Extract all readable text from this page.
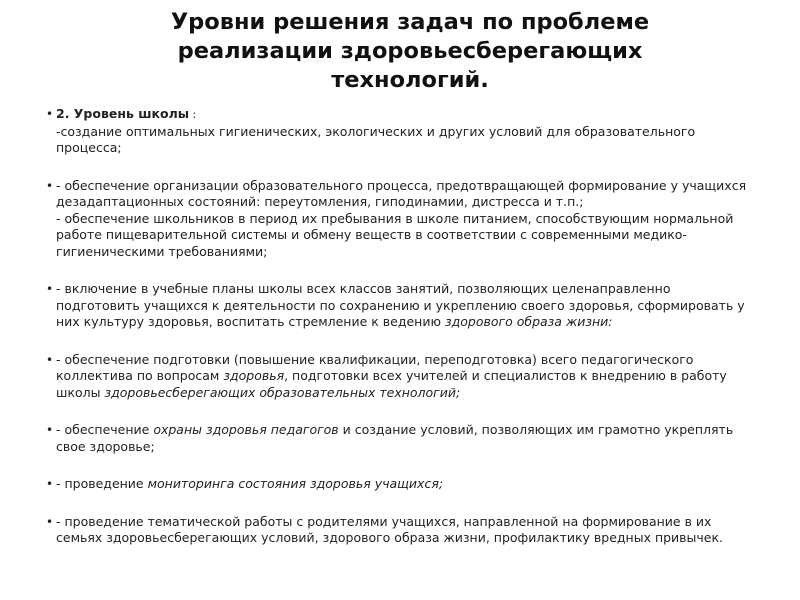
Уровни решения задач по проблеме
реализации здоровьесберегающих
технологий.
• 2. Уровень школы :
-создание оптимальных гигиенических, экологических и других условий для образовательного процесса;
• - обеспечение организации образовательного процесса, предотвращающей формирование у учащихся дезадаптационных состояний: переутомления, гиподинамии, дистресса и т.п.;
- обеспечение школьников в период их пребывания в школе питанием, способствующим нормальной работе пищеварительной системы и обмену веществ в соответствии с современными медико-гигиеническими требованиями;
• - включение в учебные планы школы всех классов занятий, позволяющих целенаправленно подготовить учащихся к деятельности по сохранению и укреплению своего здоровья, сформировать у них культуру здоровья, воспитать стремление к ведению здорового образа жизни:
• - обеспечение подготовки (повышение квалификации, переподготовка) всего педагогического коллектива по вопросам здоровья, подготовки всех учителей и специалистов к внедрению в работу школы здоровьесберегающих образовательных технологий;
• - обеспечение охраны здоровья педагогов и создание условий, позволяющих им грамотно укреплять свое здоровье;
• - проведение мониторинга состояния здоровья учащихся;
• - проведение тематической работы с родителями учащихся, направленной на формирование в их семьях здоровьесберегающих условий, здорового образа жизни, профилактику вредных привычек.
